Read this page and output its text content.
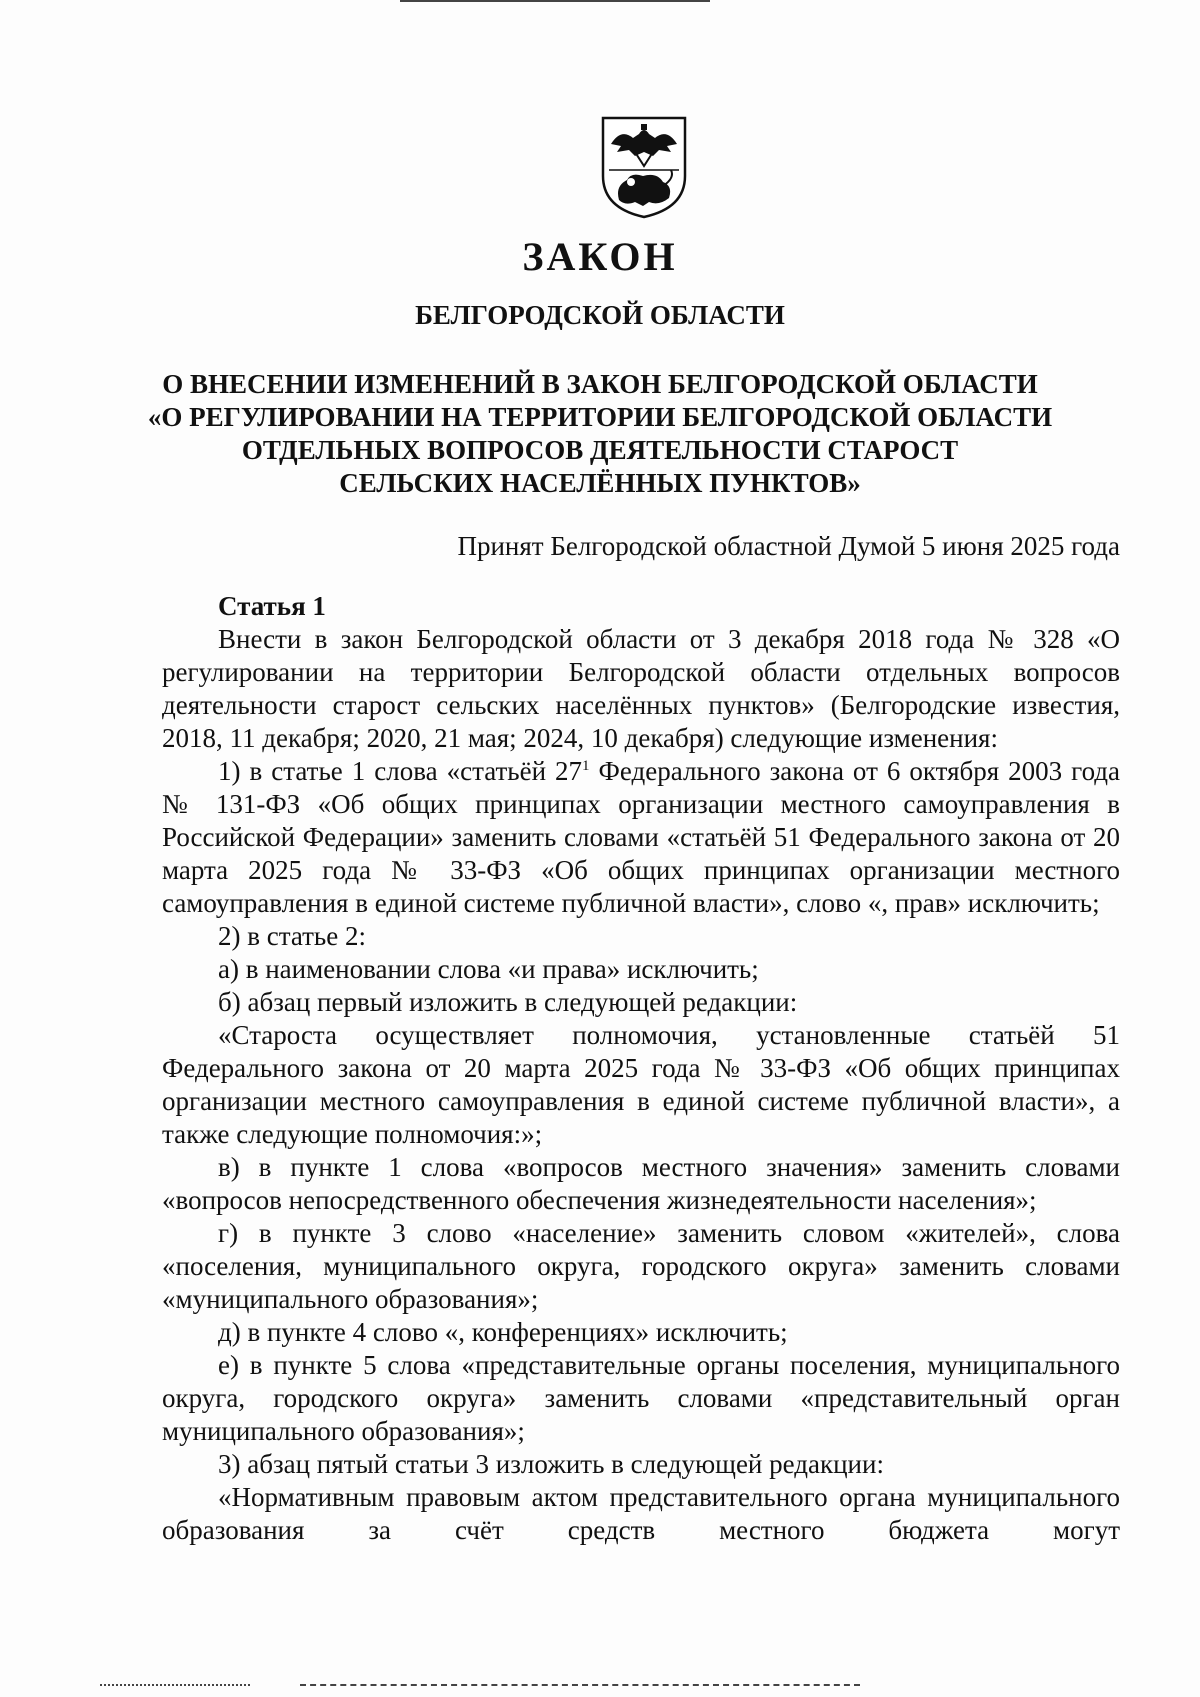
ЗАКОН
БЕЛГОРОДСКОЙ ОБЛАСТИ
О ВНЕСЕНИИ ИЗМЕНЕНИЙ В ЗАКОН БЕЛГОРОДСКОЙ ОБЛАСТИ
«О РЕГУЛИРОВАНИИ НА ТЕРРИТОРИИ БЕЛГОРОДСКОЙ ОБЛАСТИ
ОТДЕЛЬНЫХ ВОПРОСОВ ДЕЯТЕЛЬНОСТИ СТАРОСТ
СЕЛЬСКИХ НАСЕЛЁННЫХ ПУНКТОВ»
Принят Белгородской областной Думой 5 июня 2025 года

Статья 1

Внести в закон Белгородской области от 3 декабря 2018 года № 328 «О регулировании на территории Белгородской области отдельных вопросов деятельности старост сельских населённых пунктов» (Белгородские известия, 2018, 11 декабря; 2020, 21 мая; 2024, 10 декабря) следующие изменения:

1) в статье 1 слова «статьёй $27^1$ Федерального закона от 6 октября 2003 года № 131-ФЗ «Об общих принципах организации местного самоуправления в Российской Федерации» заменить словами «статьёй 51 Федерального закона от 20 марта 2025 года № 33-ФЗ «Об общих принципах организации местного самоуправления в единой системе публичной власти», слово «, прав» исключить;

2) в статье 2:

а) в наименовании слова «и права» исключить;

б) абзац первый изложить в следующей редакции:

«Староста осуществляет полномочия, установленные статьёй 51 Федерального закона от 20 марта 2025 года № 33-ФЗ «Об общих принципах организации местного самоуправления в единой системе публичной власти», а также следующие полномочия:»;

в) в пункте 1 слова «вопросов местного значения» заменить словами «вопросов непосредственного обеспечения жизнедеятельности населения»;

г) в пункте 3 слово «население» заменить словом «жителей», слова «поселения, муниципального округа, городского округа» заменить словами «муниципального образования»;

д) в пункте 4 слово «, конференциях» исключить;

е) в пункте 5 слова «представительные органы поселения, муниципального округа, городского округа» заменить словами «представительный орган муниципального образования»;

3) абзац пятый статьи 3 изложить в следующей редакции:

«Нормативным правовым актом представительного органа муниципального образования за счёт средств местного бюджета могут
